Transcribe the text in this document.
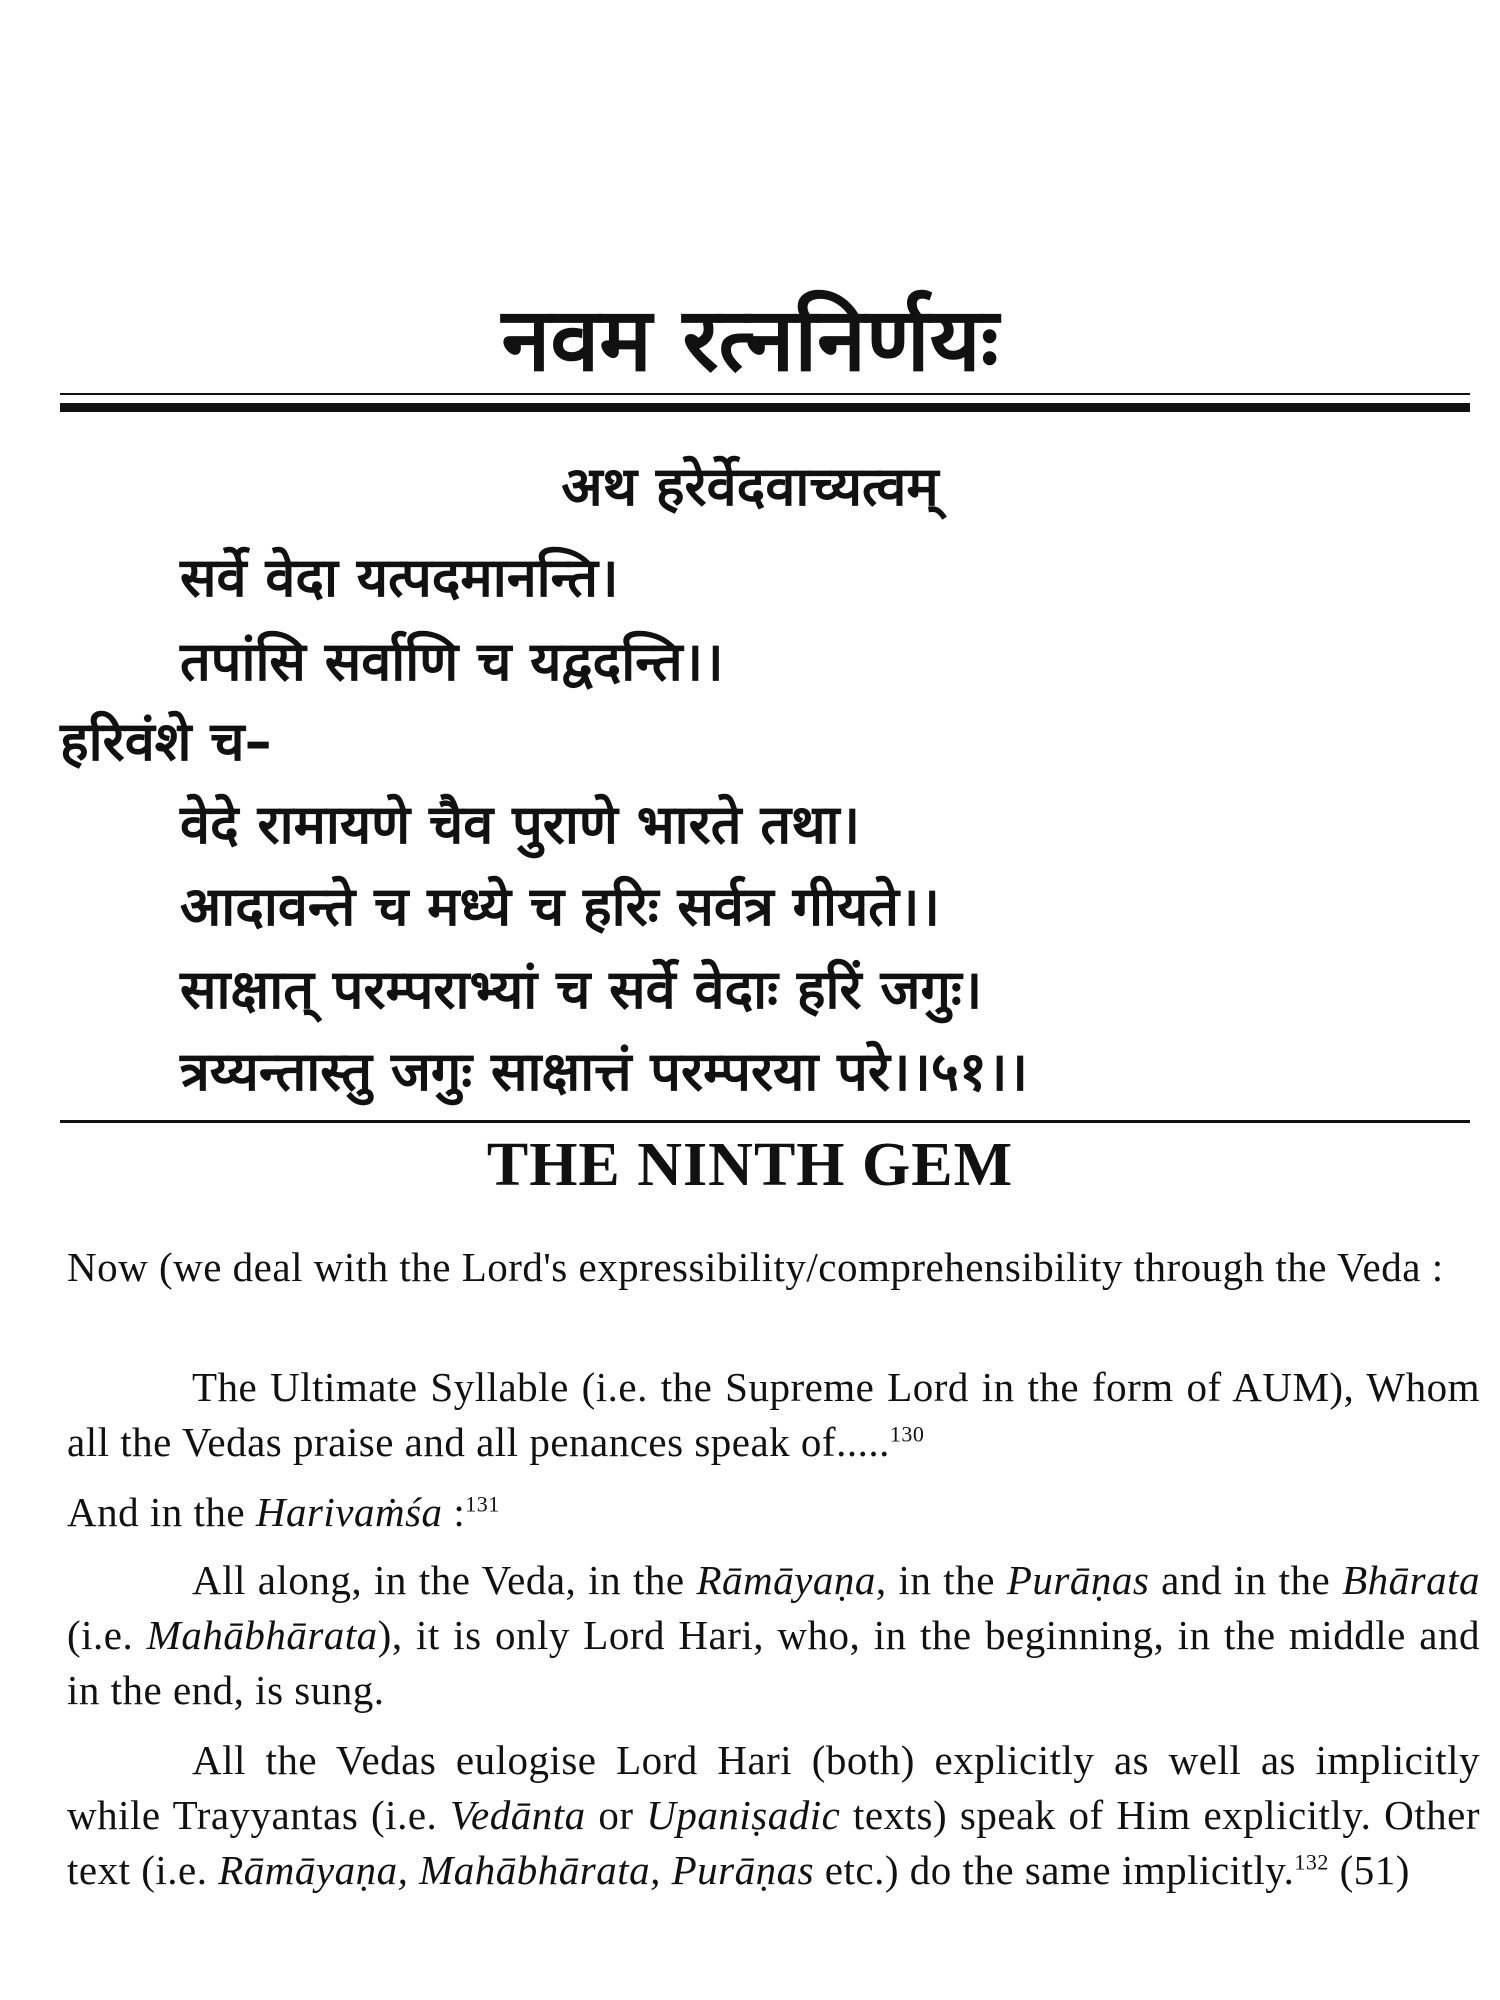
नवम रत्ननिर्णयः
अथ हरेर्वेदवाच्यत्वम्
सर्वे वेदा यत्पदमानन्ति।
तपांसि सर्वाणि च यद्वदन्ति।।
हरिवंशे च–
वेदे रामायणे चैव पुराणे भारते तथा।
आदावन्ते च मध्ये च हरिः सर्वत्र गीयते।।
साक्षात् परम्पराभ्यां च सर्वे वेदाः हरिं जगुः।
त्रय्यन्तास्तु जगुः साक्षात्तं परम्परया परे।।५१।।
THE NINTH GEM
Now (we deal with the Lord's expressibility/comprehensibility through the Veda :
The Ultimate Syllable (i.e. the Supreme Lord in the form of AUM), Whom all the Vedas praise and all penances speak of.....$^{130}$
And in the Harivaṁśa :$^{131}$
All along, in the Veda, in the Rāmāyaṇa, in the Purāṇas and in the Bhārata (i.e. Mahābhārata), it is only Lord Hari, who, in the beginning, in the middle and in the end, is sung.
All the Vedas eulogise Lord Hari (both) explicitly as well as implicitly while Trayyantas (i.e. Vedānta or Upaniṣadic texts) speak of Him explicitly. Other text (i.e. Rāmāyaṇa, Mahābhārata, Purāṇas etc.) do the same implicitly.$^{132}$ (51)
